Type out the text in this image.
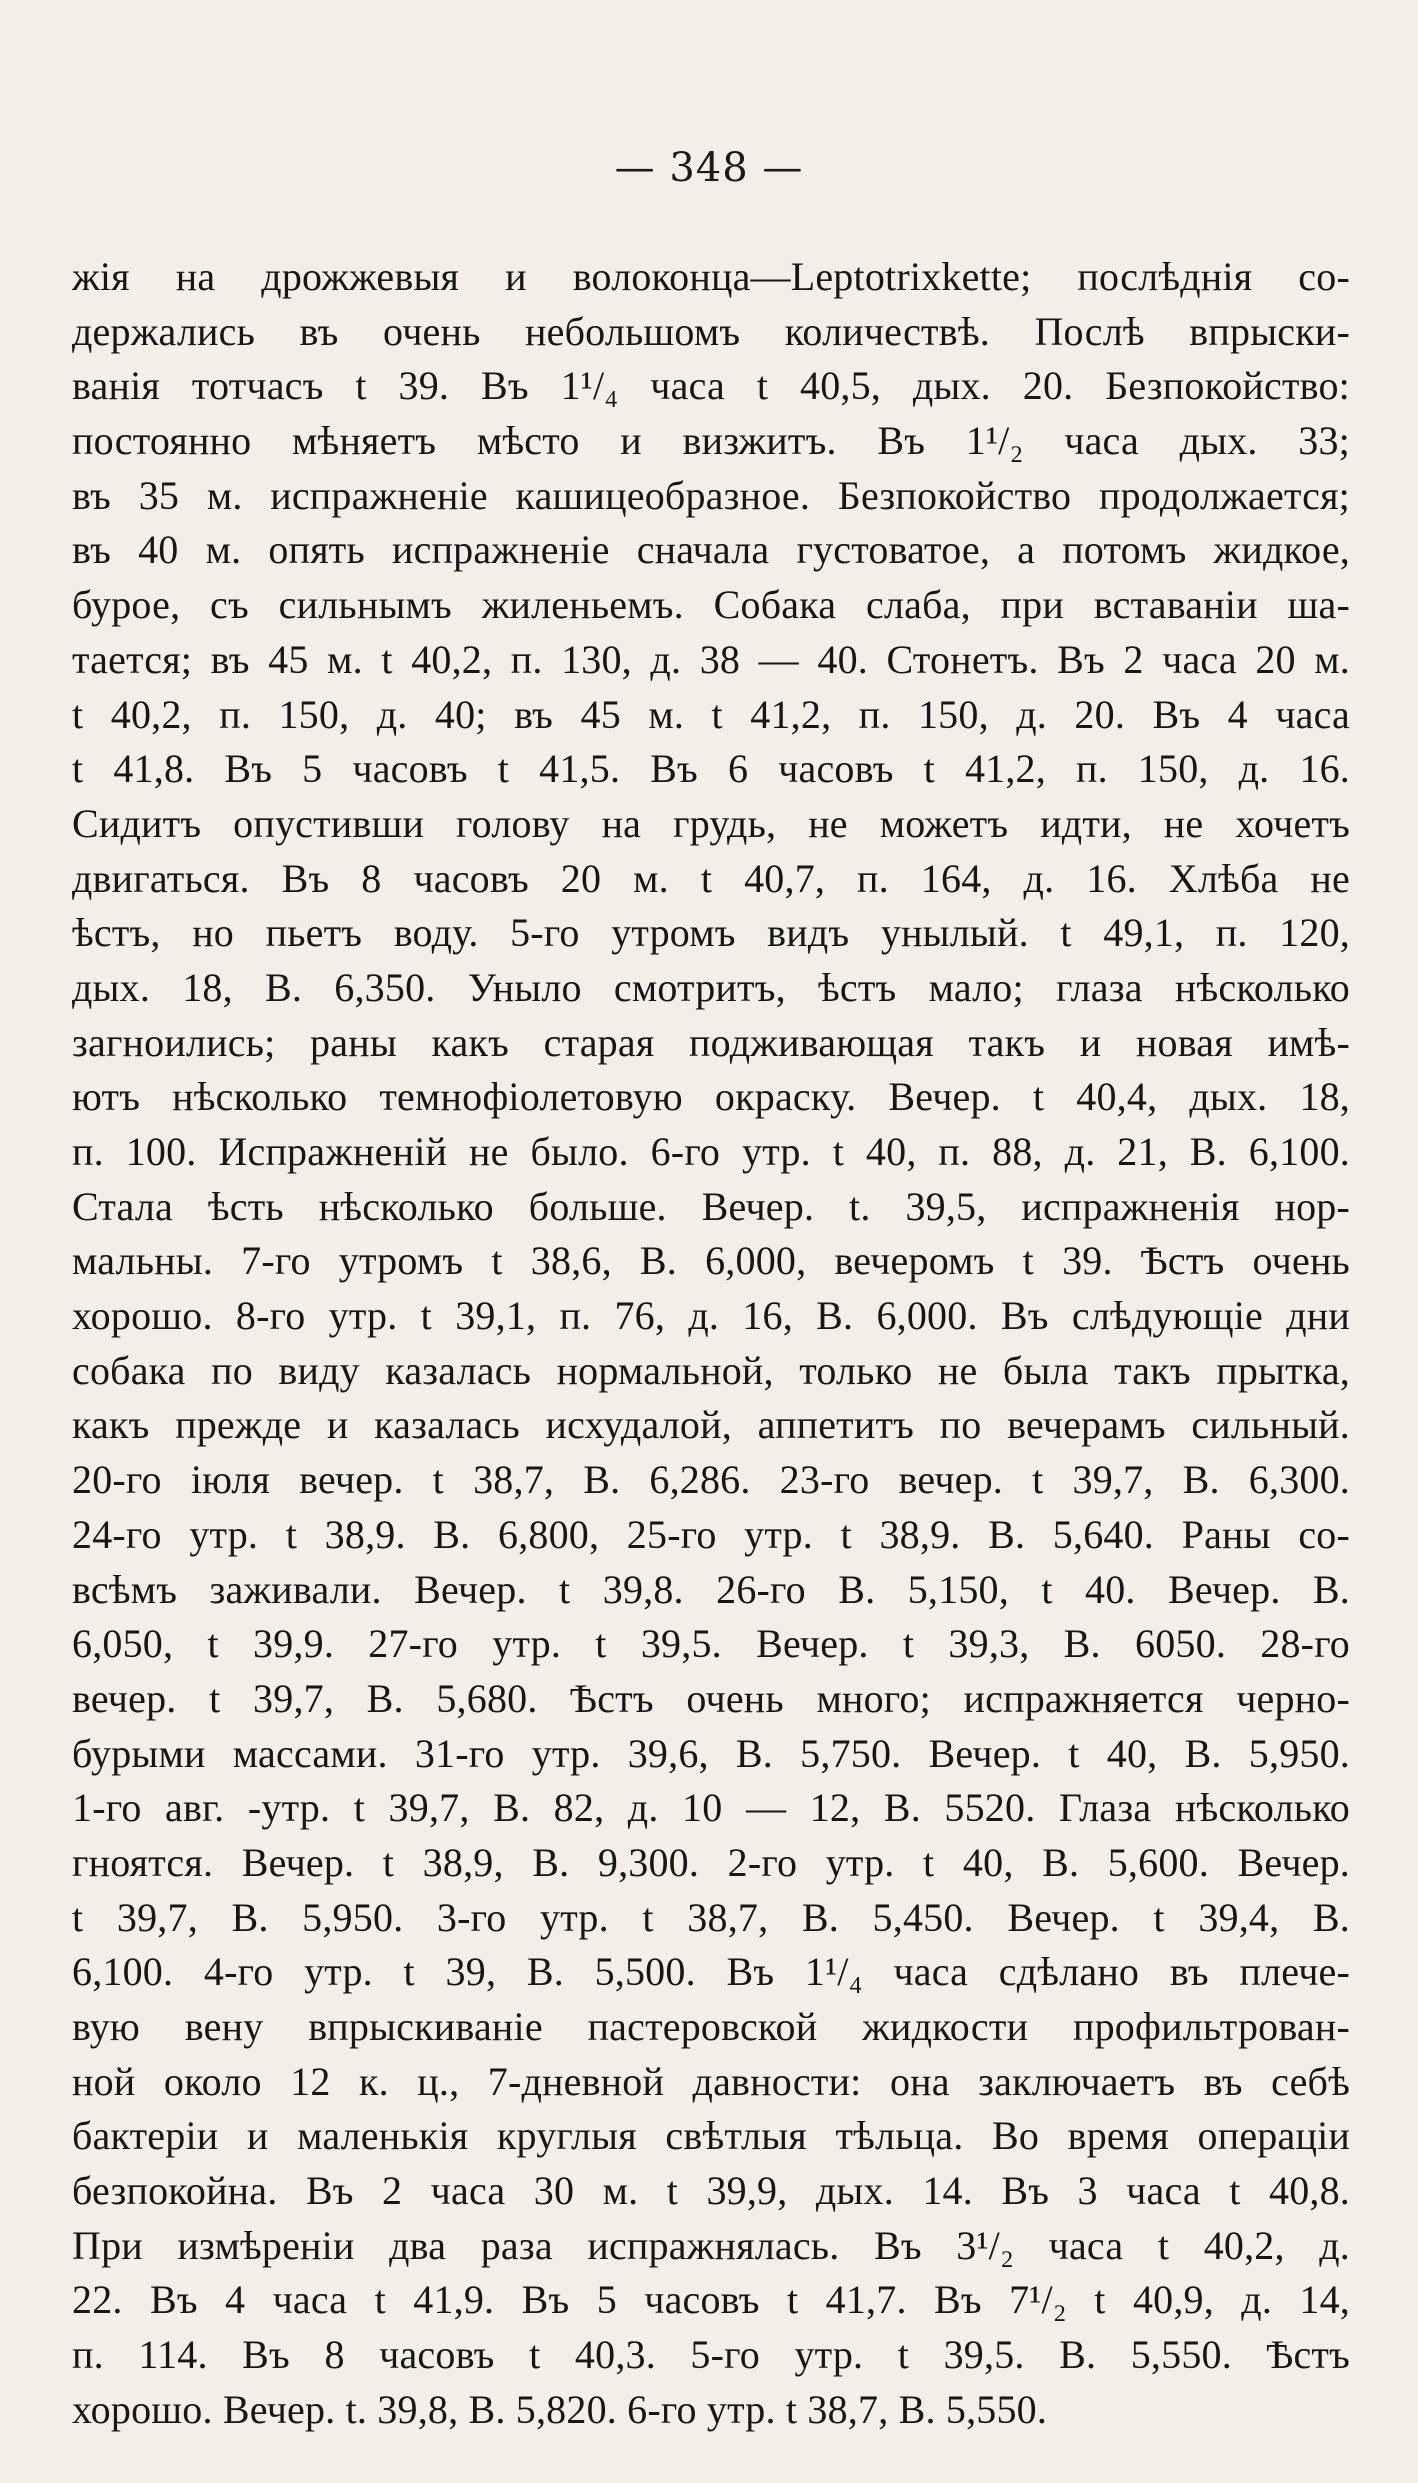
— 348 —
жія на дрожжевыя и волоконца—Leptotrixkette; послѣднія со-
держались въ очень небольшомъ количествѣ. Послѣ впрыски-
ванія тотчасъ t 39. Въ 1¹/₄ часа t 40,5, дых. 20. Безпокойство:
постоянно мѣняетъ мѣсто и визжитъ. Въ 1¹/₂ часа дых. 33;
въ 35 м. испражненіе кашицеобразное. Безпокойство продолжается;
въ 40 м. опять испражненіе сначала густоватое, а потомъ жидкое,
бурое, съ сильнымъ жиленьемъ. Собака слаба, при вставаніи ша-
тается; въ 45 м. t 40,2, п. 130, д. 38 — 40. Стонетъ. Въ 2 часа 20 м.
t 40,2, п. 150, д. 40; въ 45 м. t 41,2, п. 150, д. 20. Въ 4 часа
t 41,8. Въ 5 часовъ t 41,5. Въ 6 часовъ t 41,2, п. 150, д. 16.
Сидитъ опустивши голову на грудь, не можетъ идти, не хочетъ
двигаться. Въ 8 часовъ 20 м. t 40,7, п. 164, д. 16. Хлѣба не
ѣстъ, но пьетъ воду. 5-го утромъ видъ унылый. t 49,1, п. 120,
дых. 18, В. 6,350. Уныло смотритъ, ѣстъ мало; глаза нѣсколько
загноились; раны какъ старая подживающая такъ и новая имѣ-
ютъ нѣсколько темнофіолетовую окраску. Вечер. t 40,4, дых. 18,
п. 100. Испражненій не было. 6-го утр. t 40, п. 88, д. 21, В. 6,100.
Стала ѣсть нѣсколько больше. Вечер. t. 39,5, испражненія нор-
мальны. 7-го утромъ t 38,6, В. 6,000, вечеромъ t 39. Ѣстъ очень
хорошо. 8-го утр. t 39,1, п. 76, д. 16, В. 6,000. Въ слѣдующіе дни
собака по виду казалась нормальной, только не была такъ прытка,
какъ прежде и казалась исхудалой, аппетитъ по вечерамъ сильный.
20-го іюля вечер. t 38,7, В. 6,286. 23-го вечер. t 39,7, В. 6,300.
24-го утр. t 38,9. В. 6,800, 25-го утр. t 38,9. В. 5,640. Раны со-
всѣмъ заживали. Вечер. t 39,8. 26-го В. 5,150, t 40. Вечер. В.
6,050, t 39,9. 27-го утр. t 39,5. Вечер. t 39,3, В. 6050. 28-го
вечер. t 39,7, В. 5,680. Ѣстъ очень много; испражняется черно-
бурыми массами. 31-го утр. 39,6, В. 5,750. Вечер. t 40, В. 5,950.
1-го авг. -утр. t 39,7, В. 82, д. 10 — 12, В. 5520. Глаза нѣсколько
гноятся. Вечер. t 38,9, В. 9,300. 2-го утр. t 40, В. 5,600. Вечер.
t 39,7, В. 5,950. 3-го утр. t 38,7, В. 5,450. Вечер. t 39,4, В.
6,100. 4-го утр. t 39, В. 5,500. Въ 1¹/₄ часа сдѣлано въ плече-
вую вену впрыскиваніе пастеровской жидкости профильтрован-
ной около 12 к. ц., 7-дневной давности: она заключаетъ въ себѣ
бактеріи и маленькія круглыя свѣтлыя тѣльца. Во время операціи
безпокойна. Въ 2 часа 30 м. t 39,9, дых. 14. Въ 3 часа t 40,8.
При измѣреніи два раза испражнялась. Въ 3¹/₂ часа t 40,2, д.
22. Въ 4 часа t 41,9. Въ 5 часовъ t 41,7. Въ 7¹/₂ t 40,9, д. 14,
п. 114. Въ 8 часовъ t 40,3. 5-го утр. t 39,5. В. 5,550. Ѣстъ
хорошо. Вечер. t. 39,8, В. 5,820. 6-го утр. t 38,7, В. 5,550.
